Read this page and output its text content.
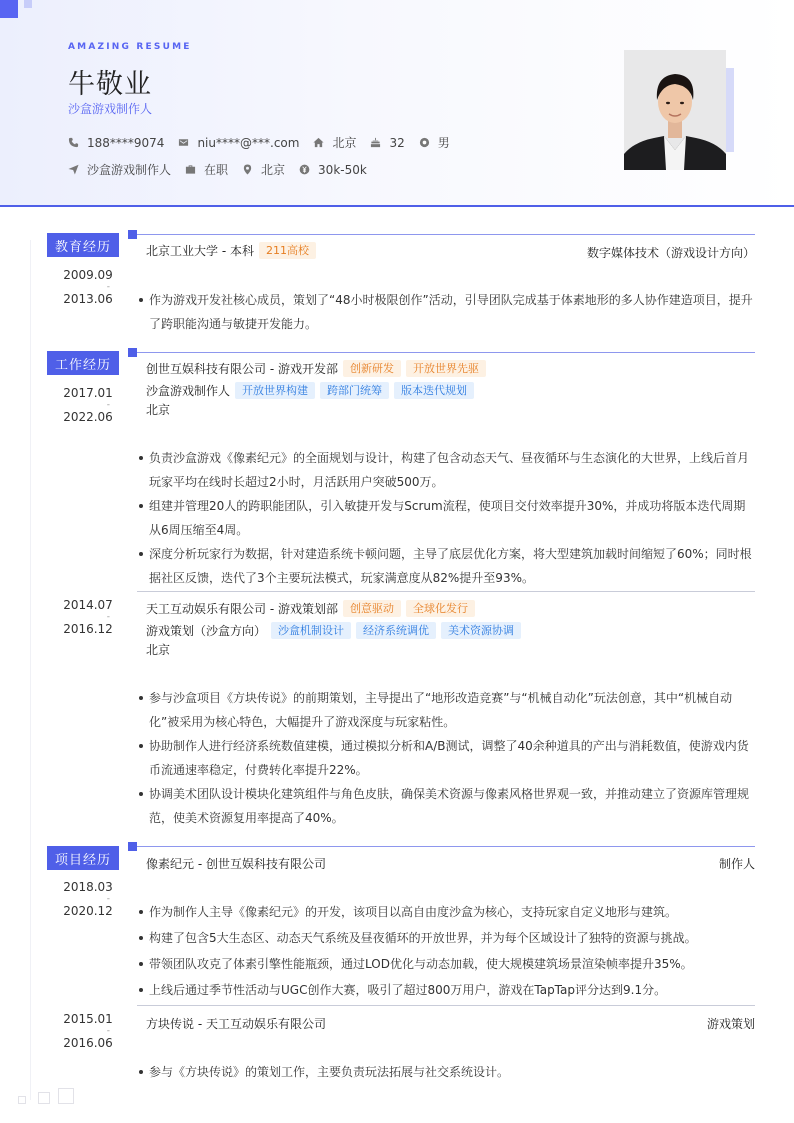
AMAZING RESUME
牛敬业
沙盒游戏制作人
188****9074	niu****@***.com	北京	32	男
沙盒游戏制作人	在职	北京	30k-50k
教育经历	北京工业大学 - 本科	211高校	数字媒体技术（游戏设计方向）
2009.09
-
2013.06	作为游戏开发社核心成员，策划了“48小时极限创作”活动，引导团队完成基于体素地形的多人协作建造项目，提升了跨职能沟通与敏捷开发能力。
工作经历	创世互娱科技有限公司 - 游戏开发部	创新研发	开放世界先驱
沙盒游戏制作人	开放世界构建	跨部门统筹	版本迭代规划
北京
2017.01
-
2022.06
负责沙盒游戏《像素纪元》的全面规划与设计，构建了包含动态天气、昼夜循环与生态演化的大世界，上线后首月玩家平均在线时长超过2小时，月活跃用户突破500万。
组建并管理20人的跨职能团队，引入敏捷开发与Scrum流程，使项目交付效率提升30%，并成功将版本迭代周期从6周压缩至4周。
深度分析玩家行为数据，针对建造系统卡顿问题，主导了底层优化方案，将大型建筑加载时间缩短了60%；同时根据社区反馈，迭代了3个主要玩法模式，玩家满意度从82%提升至93%。
天工互动娱乐有限公司 - 游戏策划部	创意驱动	全球化发行
游戏策划（沙盒方向）	沙盒机制设计	经济系统调优	美术资源协调
北京
2014.07
-
2016.12
参与沙盒项目《方块传说》的前期策划，主导提出了“地形改造竞赛”与“机械自动化”玩法创意，其中“机械自动化”被采用为核心特色，大幅提升了游戏深度与玩家粘性。
协助制作人进行经济系统数值建模，通过模拟分析和A/B测试，调整了40余种道具的产出与消耗数值，使游戏内货币流通速率稳定，付费转化率提升22%。
协调美术团队设计模块化建筑组件与角色皮肤，确保美术资源与像素风格世界观一致，并推动建立了资源库管理规范，使美术资源复用率提高了40%。
项目经历	像素纪元 - 创世互娱科技有限公司	制作人
2018.03
-
2020.12	作为制作人主导《像素纪元》的开发，该项目以高自由度沙盒为核心，支持玩家自定义地形与建筑。
构建了包含5大生态区、动态天气系统及昼夜循环的开放世界，并为每个区域设计了独特的资源与挑战。
带领团队攻克了体素引擎性能瓶颈，通过LOD优化与动态加载，使大规模建筑场景渲染帧率提升35%。
上线后通过季节性活动与UGC创作大赛，吸引了超过800万用户，游戏在TapTap评分达到9.1分。
方块传说 - 天工互动娱乐有限公司	游戏策划
2015.01
-
2016.06
参与《方块传说》的策划工作，主要负责玩法拓展与社交系统设计。
